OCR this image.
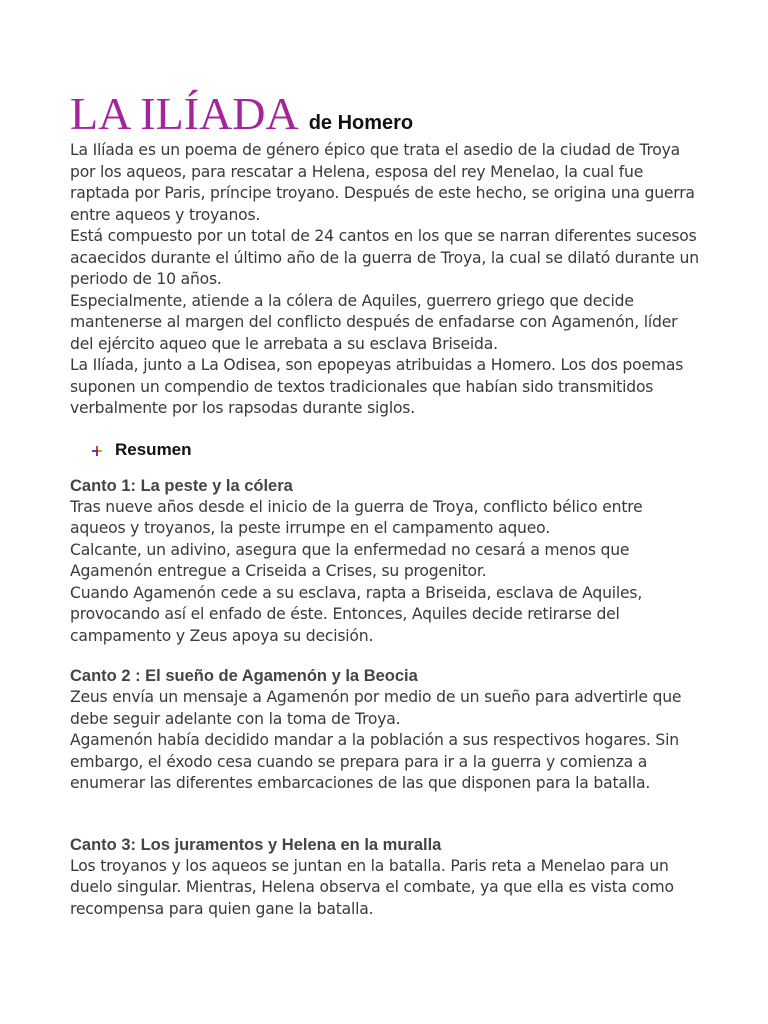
LA ILÍADA de Homero

La Ilíada es un poema de género épico que trata el asedio de la ciudad de Troya por los aqueos, para rescatar a Helena, esposa del rey Menelao, la cual fue raptada por Paris, príncipe troyano. Después de este hecho, se origina una guerra entre aqueos y troyanos.

Está compuesto por un total de 24 cantos en los que se narran diferentes sucesos acaecidos durante el último año de la guerra de Troya, la cual se dilató durante un periodo de 10 años.

Especialmente, atiende a la cólera de Aquiles, guerrero griego que decide mantenerse al margen del conflicto después de enfadarse con Agamenón, líder del ejército aqueo que le arrebata a su esclava Briseida.

La Ilíada, junto a La Odisea, son epopeyas atribuidas a Homero. Los dos poemas suponen un compendio de textos tradicionales que habían sido transmitidos verbalmente por los rapsodas durante siglos.

Resumen
Canto 1: La peste y la cólera

Tras nueve años desde el inicio de la guerra de Troya, conflicto bélico entre aqueos y troyanos, la peste irrumpe en el campamento aqueo.

Calcante, un adivino, asegura que la enfermedad no cesará a menos que Agamenón entregue a Criseida a Crises, su progenitor.

Cuando Agamenón cede a su esclava, rapta a Briseida, esclava de Aquiles, provocando así el enfado de éste. Entonces, Aquiles decide retirarse del campamento y Zeus apoya su decisión.

Canto 2 : El sueño de Agamenón y la Beocia

Zeus envía un mensaje a Agamenón por medio de un sueño para advertirle que debe seguir adelante con la toma de Troya.

Agamenón había decidido mandar a la población a sus respectivos hogares. Sin embargo, el éxodo cesa cuando se prepara para ir a la guerra y comienza a enumerar las diferentes embarcaciones de las que disponen para la batalla.

Canto 3: Los juramentos y Helena en la muralla

Los troyanos y los aqueos se juntan en la batalla. Paris reta a Menelao para un duelo singular. Mientras, Helena observa el combate, ya que ella es vista como recompensa para quien gane la batalla.
